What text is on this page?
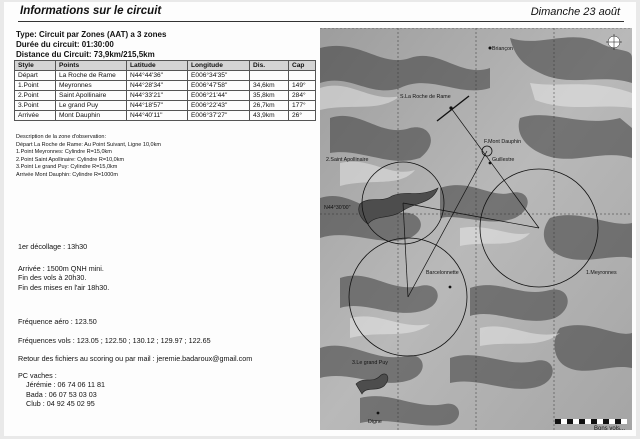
Informations sur le circuit	Dimanche 23 août
Type: Circuit par Zones (AAT) a 3 zones
Durée du circuit: 01:30:00
Distance du Circuit: 73,9km/215,5km
Style	Points	Latitude	Longitude	Dis.	Cap
Départ	La Roche de Rame	N44°44'36"	E006°34'35"		
1.Point	Meyronnes	N44°28'34"	E006°47'58"	34,6km	149°
2.Point	Saint Apollinaire	N44°33'21"	E006°21'44"	35,8km	284°
3.Point	Le grand Puy	N44°18'57"	E006°22'43"	26,7km	177°
Arrivée	Mont Dauphin	N44°40'11"	E006°37'27"	43,9km	26°
Description de la zone d'observation:
Départ La Roche de Rame: Au Point Suivant, Ligne 10,0km
1.Point Meyronnes: Cylindre R=15,0km
2.Point Saint Apollinaire: Cylindre R=10,0km
3.Point Le grand Puy: Cylindre R=15,0km
Arrivée Mont Dauphin: Cylindre R=1000m
1er décollage : 13h30
Arrivée : 1500m QNH mini.
Fin des vols à 20h30.
Fin des mises en l'air 18h30.
Fréquence aéro : 123.50
Fréquences vols : 123.05 ; 122.50 ; 130.12 ; 129.97 ; 122.65
Retour des fichiers au scoring ou par mail : jeremie.badaroux@gmail.com
PC vaches :
Jérémie : 06 74 06 11 81
Bada : 06 07 53 03 03
Club : 04 92 45 02 95
Briançon
S.La Roche de Rame
F.Mont Dauphin
Guillestre
2.Saint Apollinaire
1.Meyronnes
Barcelonnette
3.Le grand Puy
Digne
N44°30'00"
Bons vols...
